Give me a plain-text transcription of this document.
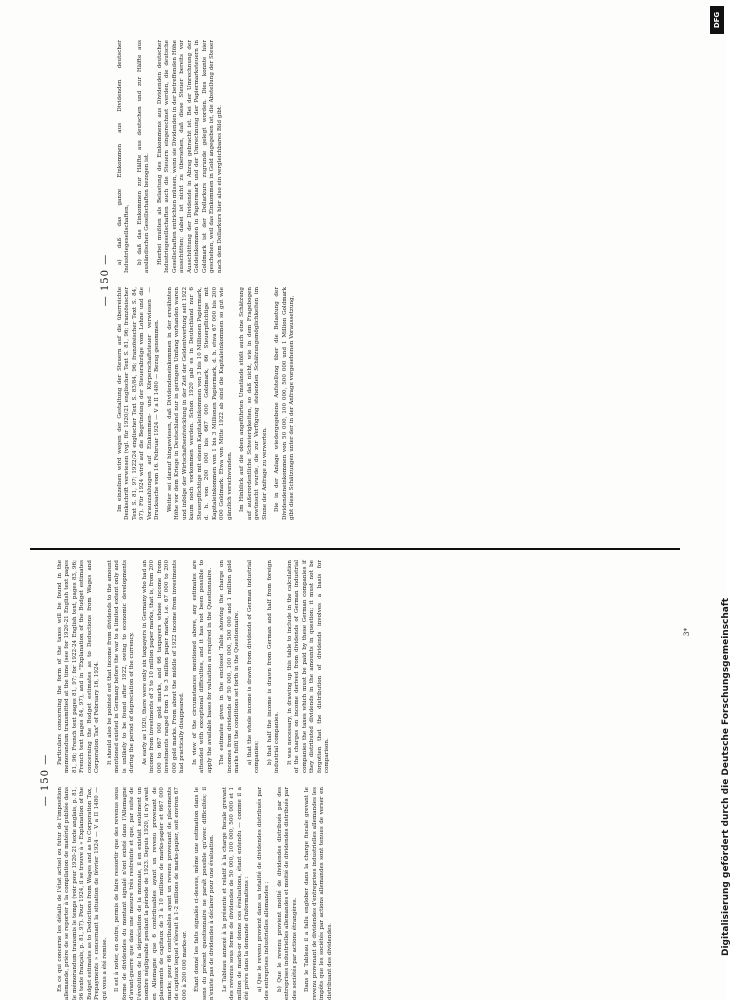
— 150 —

Im einzelnen wird wegen der Gestaltung der Steuern auf die überreichte Denkschrift verwiesen (vgl. für 1920/21 englischer Text S. 81, 96; französischer Text S. 81, 97; 1922/24 englischer Text S. 83/84, 96; französischer Text S. 84, 97). Für 1924 wird auf die Begründung der Steuerabzüge vom Lohne und die Vorauszahlungen auf Einkommen- und Körperschaftsteuer verwiesen — Drucksache vom 16. Februar 1924 — V a II 1480 — Bezug genommen. Weiter sei darauf hingewiesen, daß Dividendeneinkommen in der erwähnten Höhe vor dem Kriege in Deutschland nur in geringem Umfang vorhanden waren und infolge der Wirtschaftsentwicklung in der Zeit der Geldentwertung seit 1922 kaum noch vorkommen werden. Schon 1920 gab es in Deutschland nur 6 Steuerpflichtige mit einem Kapitaleinkommen von 3 bis 10 Millionen Papiermark, d. h. von 200 000 bis 667 000 Goldmark, 66 Steuerpflichtige mit Kapitaleinkommen von 1 bis 3 Millionen Papiermark, d. h. etwa 67 000 bis 200 000 Goldmark. Etwa von Mitte 1922 ab sind die Kapitaleinkommen so gut wie gänzlich verschwunden. Im Hinblick auf die oben angeführten Umstände stößt auch eine Schätzung auf außerordentliche Schwierigkeiten, so daß nicht, wie in dem Fragebogen gewünscht wurde, die zur Verfügung stehenden Schätzungsmöglichkeiten im Sinne der Anfrage zu verwerten. Die in der Anlage wiedergegebene Aufstellung über die Belastung der Dividendeneinkommen von 50 000, 100 000, 500 000 und 1 Million Goldmark gibt diese Schätzungen unter der in der Anfrage vorgesehenen Voraussetzung,

a) daß das ganze Einkommen aus Dividenden deutscher Industriegesellschaften, b) daß das Einkommen zur Hälfte aus deutschen und zur Hälfte aus ausländischen Gesellschaften bezogen ist. Hierbei mußten als Belastung des Einkommens aus Dividenden deutscher Industriegesellschaften auch die Steuern eingerechnet werden, die deutsche Gesellschaften entrichten müssen, wenn sie Dividenden in der betreffenden Höhe ausschütten; dabei ist nicht zu übersehen, daß diese Steuer bereits vor Ausschüttung der Dividende in Abzug gebracht ist. Bei der Umrechnung der Goldeinkommen in Papiermark und der Umrechnung der Papiermarksteuern in Goldmark ist der Dollarkurs zugrunde gelegt worden. Dies konnte hier geschehen, weil das Einkommen in Gold angegeben ist, die Abstellung der Steuer nach dem Dollarkurs hier also ein vergleichbares Bild gibt.

— 150 —

En ce qui concerne les détails de l'état actuel ou futur de l'imposition allemande, prière de se reporter à la compilation de matériel publiée dans le mémorandum transmis le temps (voir pour 1920-21 texte anglais, p. 81, 96 texte français, p. 81, 97). Pour 1924, il se trouve à « Explanation of the Budget estimates as to Deductions from Wages and as to Corporation Tax, Prepayments » concernant la situation de février 1924 — V a II 1480 — qui vous a été remise. Il est à noter, en outre, permis de faire ressortir que des revenus sous forme de dividendes du montant signalé n'ont existé dans l'Allemagne d'avant-guerre que dans une mesure très restreinte et que, par suite de l'évolution de la dépréciation de la monnaie, il en existait seulement un nombre négligeable pendant la période de 1923. Depuis 1920, il n'y avait en Allemagne que 6 contribuables ayant un revenu provenant de placements de capitaux de 3 à 10 millions de marks-papier et 667 000 marks; pour 66 contribuables ayant un revenu provenant de placements de capitaux lequel s'élevait à 1-2 millions de marks-papier, soit environ 67 000 à 200 000 marks-or. Étant donné les faits signalés ci-dessus, même une estimation dans le sens du présent questionnaire ne paraît possible qu'avec difficultés; il n'existe pas de dividendes à déclarer pour une évaluation. Le Tableau annexé à la présente et relatif à la charge fiscale grevant des revenus sous forme de dividendes de 50 000, 100 000, 500 000 et 1 million de marks-or donne ces évaluations, étant entendu — comme il a été prévu dans la demande d'informations : a) Que le revenu provient dans sa totalité de dividendes distribués par des entreprises industrielles allemandes ; b) Que le revenu provient moitié de dividendes distribués par des entreprises industrielles allemandes et moitié de dividendes distribués par des sociétés par actions étrangères. Dans le Tableau il a fallu englober dans la charge fiscale grevant le revenu provenant de dividendes d'entreprises industrielles allemandes les impôts que les sociétés par actions allemandes sont tenues de verser en distribuant des dividendes.

Particulars concerning the form of the taxes will be found in the memorandum transmitted at the time (see for 1920-21 English text pages 81, 96; French text pages 81, 97; for 1922-24 English text, pages 83, 96; French text pages 84, 97), and in "Explanation of the Budget estimates concerning the Budget estimates as to Deductions from Wages and Corporation Tax" of February 16, 1924. It should also be pointed out that income from dividends to the amount mentioned existed in Germany before the war to a limited extent only and is unlikely to be found after 1922, owing to economic developments during the period of depreciation of the currency. As early as 1920, there were only six taxpayers in Germany who had an income from investments of 3 to 10 million paper marks, that is, from 200 000 to 667 000 gold marks, and 66 taxpayers whose income from investments ranged from 1 to 3 million paper marks, i.e. 67 000 to 200 000 gold marks. From about the middle of 1922 income from investments had practically disappeared. In view of the circumstances mentioned above, any estimates are attended with exceptional difficulties, and it has not been possible to apply the available bases for valuation as required in the Questionnaire. The estimates given in the enclosed Table showing the charge on incomes from dividends of 50 000, 100 000, 500 000 and 1 million gold marks fulfil the conditions set forth in the Questionnaire. a) that the whole income is drawn from dividends of German industrial companies; b) that half the income is drawn from German and half from foreign industrial companies. It was necessary, in drawing up this table to include in the calculation of the charges on income derived from dividends of German industrial companies the taxes which must be paid by these German companies if they distributed dividends in the amounts in question; it must not be forgotten that the distribution of dividends involves a basis for comparison.

3*	Digitalisierung gefördert durch die Deutsche Forschungsgemeinschaft
DFG
